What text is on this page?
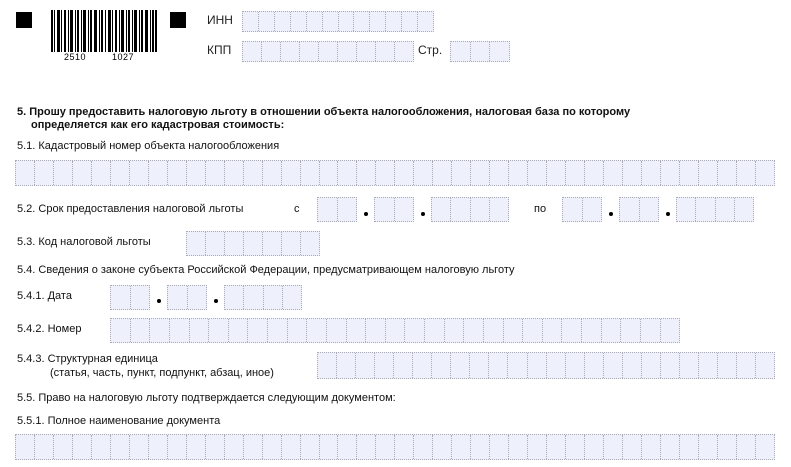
2510	1027
ИНН
КПП	Стр.
5. Прошу предоставить налоговую льготу в отношении объекта налогообложения, налоговая база по которому
определяется как его кадастровая стоимость:
5.1. Кадастровый номер объекта налогообложения
5.2. Срок предоставления налоговой льготы	с	по
5.3. Код налоговой льготы
5.4. Сведения о законе субъекта Российской Федерации, предусматривающем налоговую льготу
5.4.1. Дата
5.4.2. Номер
5.4.3. Структурная единица
(статья, часть, пункт, подпункт, абзац, иное)
5.5. Право на налоговую льготу подтверждается следующим документом:
5.5.1. Полное наименование документа
